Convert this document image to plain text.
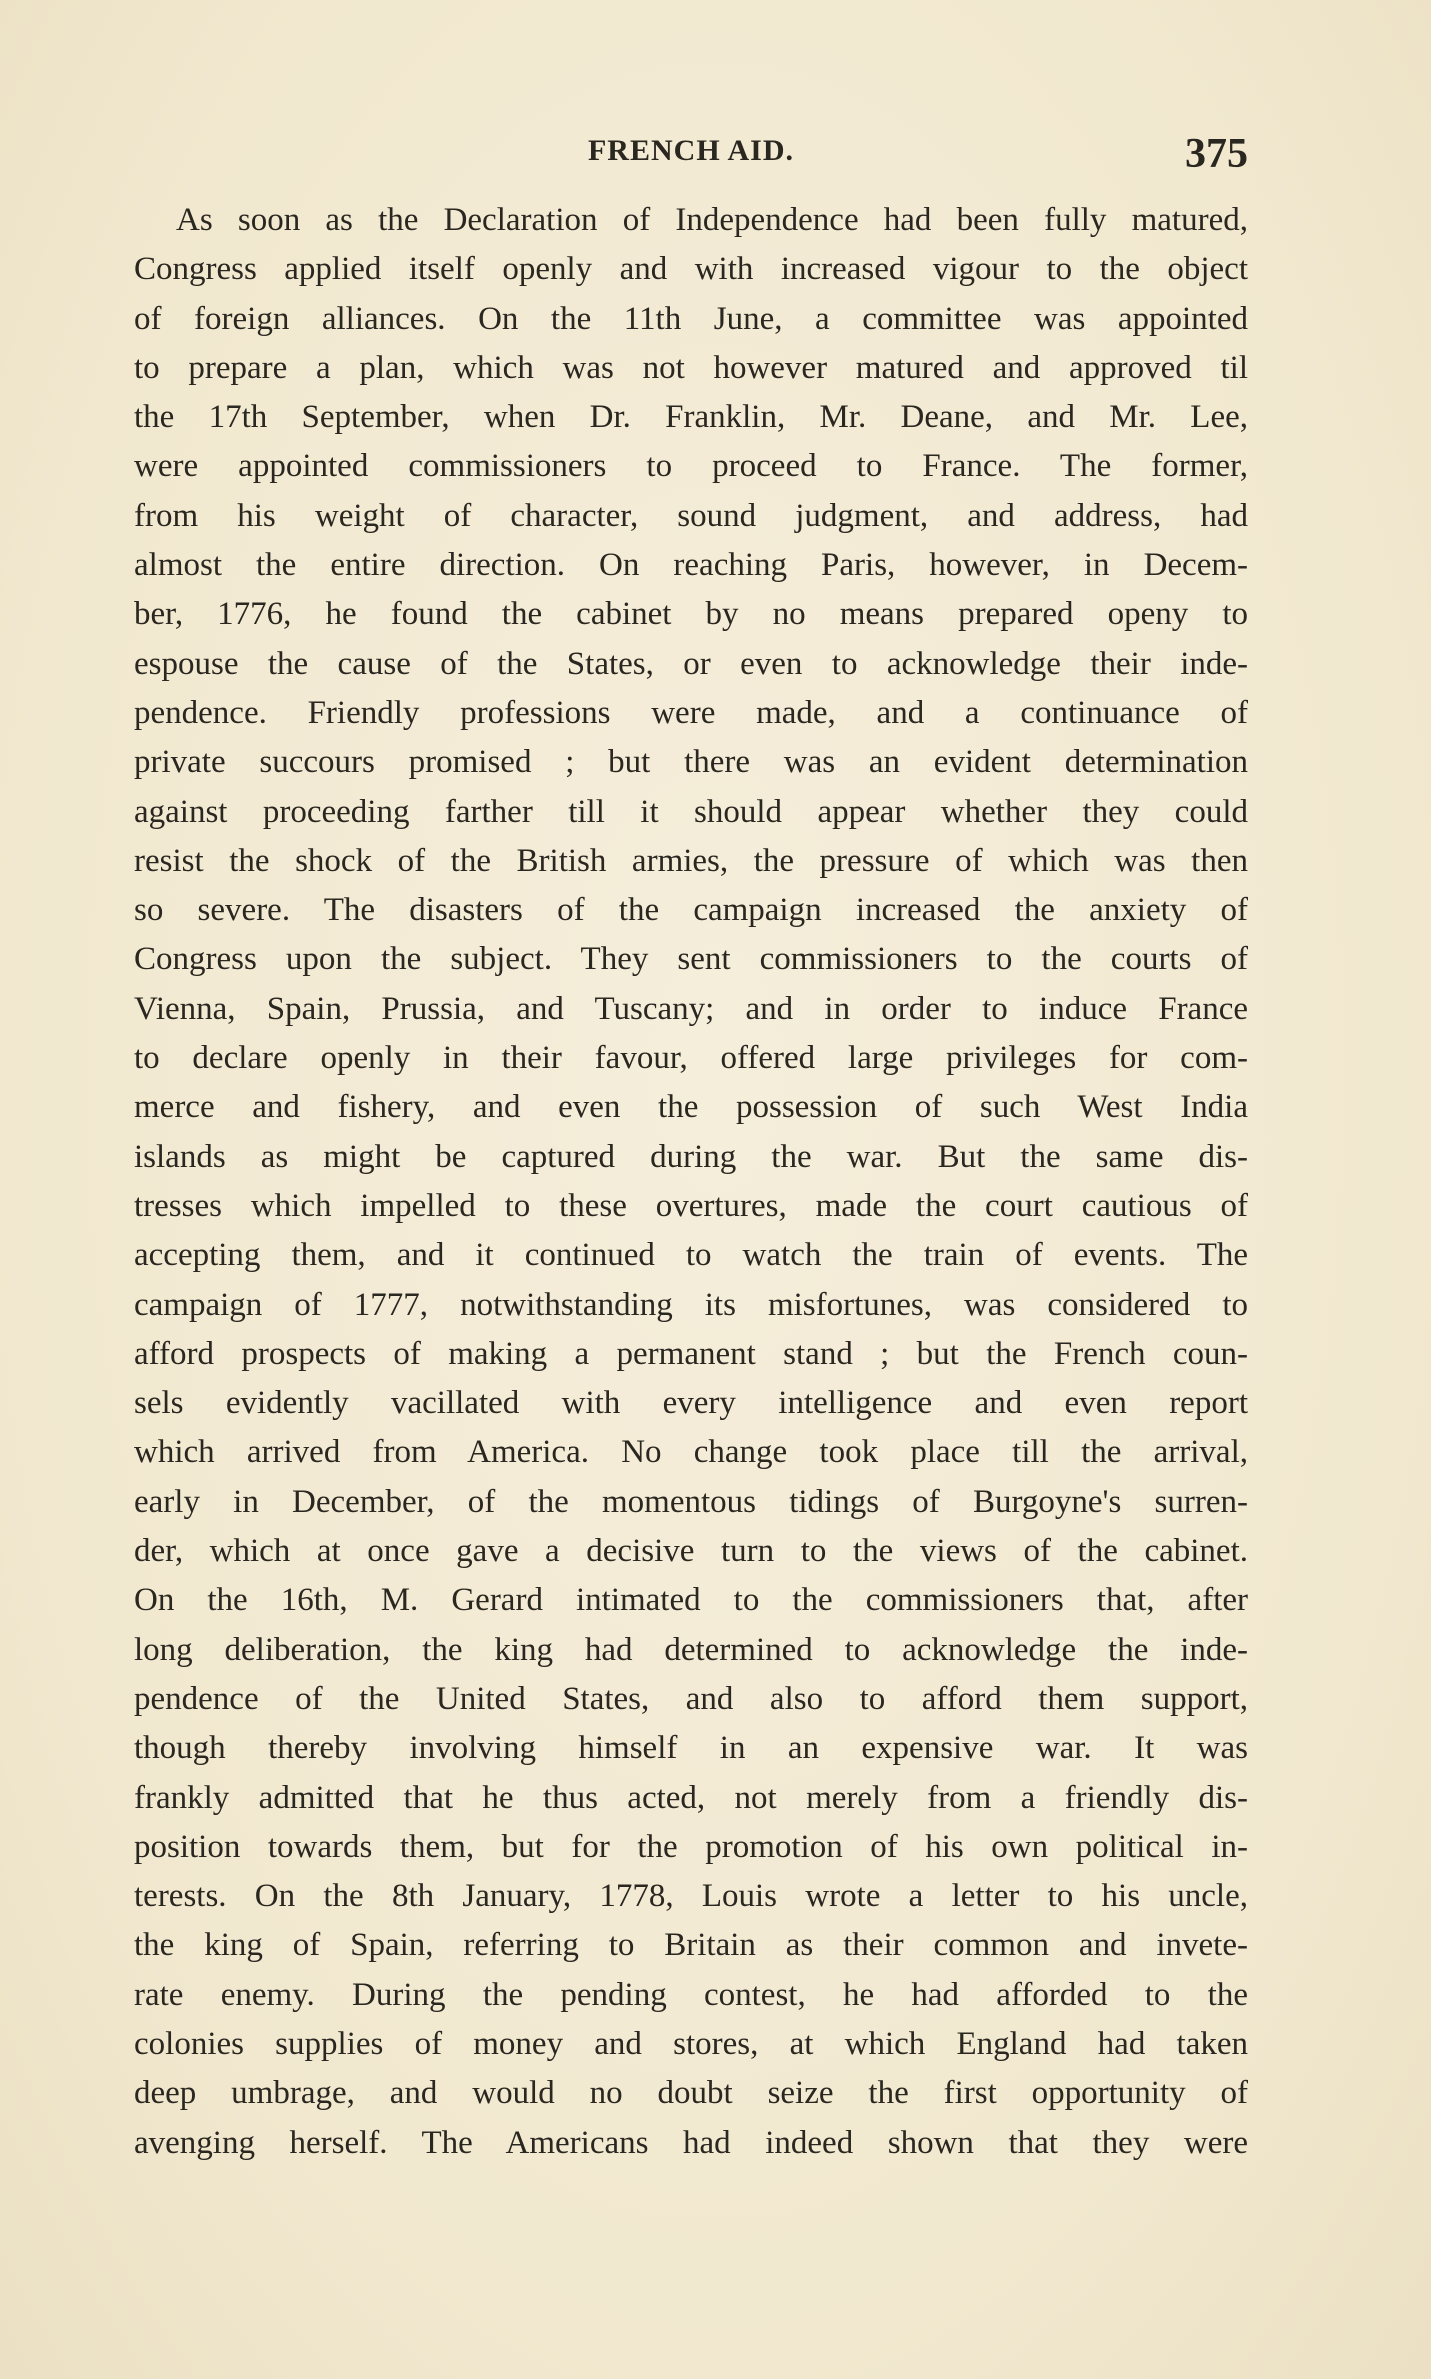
FRENCH AID.	375
As soon as the Declaration of Independence had been fully matured,
Congress applied itself openly and with increased vigour to the object
of foreign alliances. On the 11th June, a committee was appointed
to prepare a plan, which was not however matured and approved til
the 17th September, when Dr. Franklin, Mr. Deane, and Mr. Lee,
were appointed commissioners to proceed to France. The former,
from his weight of character, sound judgment, and address, had
almost the entire direction. On reaching Paris, however, in Decem-
ber, 1776, he found the cabinet by no means prepared openy to
espouse the cause of the States, or even to acknowledge their inde-
pendence. Friendly professions were made, and a continuance of
private succours promised ; but there was an evident determination
against proceeding farther till it should appear whether they could
resist the shock of the British armies, the pressure of which was then
so severe. The disasters of the campaign increased the anxiety of
Congress upon the subject. They sent commissioners to the courts of
Vienna, Spain, Prussia, and Tuscany; and in order to induce France
to declare openly in their favour, offered large privileges for com-
merce and fishery, and even the possession of such West India
islands as might be captured during the war. But the same dis-
tresses which impelled to these overtures, made the court cautious of
accepting them, and it continued to watch the train of events. The
campaign of 1777, notwithstanding its misfortunes, was considered to
afford prospects of making a permanent stand ; but the French coun-
sels evidently vacillated with every intelligence and even report
which arrived from America. No change took place till the arrival,
early in December, of the momentous tidings of Burgoyne's surren-
der, which at once gave a decisive turn to the views of the cabinet.
On the 16th, M. Gerard intimated to the commissioners that, after
long deliberation, the king had determined to acknowledge the inde-
pendence of the United States, and also to afford them support,
though thereby involving himself in an expensive war. It was
frankly admitted that he thus acted, not merely from a friendly dis-
position towards them, but for the promotion of his own political in-
terests. On the 8th January, 1778, Louis wrote a letter to his uncle,
the king of Spain, referring to Britain as their common and invete-
rate enemy. During the pending contest, he had afforded to the
colonies supplies of money and stores, at which England had taken
deep umbrage, and would no doubt seize the first opportunity of
avenging herself. The Americans had indeed shown that they were
